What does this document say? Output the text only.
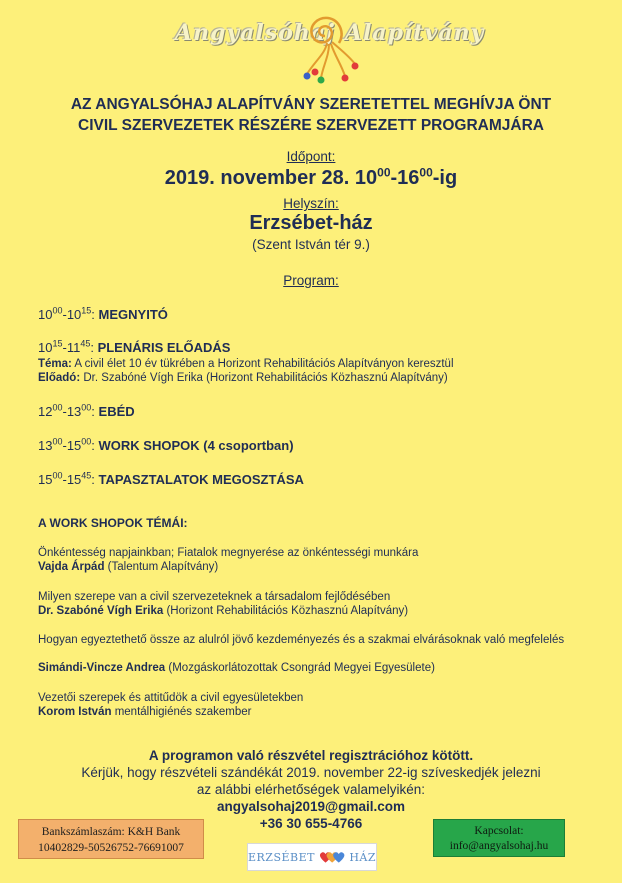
Angyalsóhaj Alapítvány
AZ ANGYALSÓHAJ ALAPÍTVÁNY SZERETETTEL MEGHÍVJA ÖNT
CIVIL SZERVEZETEK RÉSZÉRE SZERVEZETT PROGRAMJÁRA
Időpont:
2019. november 28. $10^{00}-16^{00}-ig$
Helyszín:
Erzsébet-ház
(Szent István tér 9.)
Program:
$10^{00}-10^{15}$: MEGNYITÓ
$10^{15}-11^{45}$: PLENÁRIS ELŐADÁS
Téma: A civil élet 10 év tükrében a Horizont Rehabilitációs Alapítványon keresztül
Előadó: Dr. Szabóné Vígh Erika (Horizont Rehabilitációs Közhasznú Alapítvány)
$12^{00}-13^{00}$: EBÉD
$13^{00}-15^{00}$: WORK SHOPOK (4 csoportban)
$15^{00}-15^{45}$: TAPASZTALATOK MEGOSZTÁSA
A WORK SHOPOK TÉMÁI:
Önkéntesség napjainkban; Fiatalok megnyerése az önkéntességi munkára
Vajda Árpád (Talentum Alapítvány)
Milyen szerepe van a civil szervezeteknek a társadalom fejlődésében
Dr. Szabóné Vígh Erika (Horizont Rehabilitációs Közhasznú Alapítvány)
Hogyan egyeztethető össze az alulról jövő kezdeményezés és a szakmai elvárásoknak való megfelelés
Simándi-Vincze Andrea (Mozgáskorlátozottak Csongrád Megyei Egyesülete)
Vezetői szerepek és attitűdök a civil egyesületekben
Korom István mentálhigiénés szakember
A programon való részvétel regisztrációhoz kötött.
Kérjük, hogy részvételi szándékát 2019. november 22-ig szíveskedjék jelezni
az alábbi elérhetőségek valamelyikén:
angyalsohaj2019@gmail.com
+36 30 655-4766
Bankszámlaszám: K&H Bank
10402829-50526752-76691007
Kapcsolat:
info@angyalsohaj.hu
ERZSÉBET	HÁZ
